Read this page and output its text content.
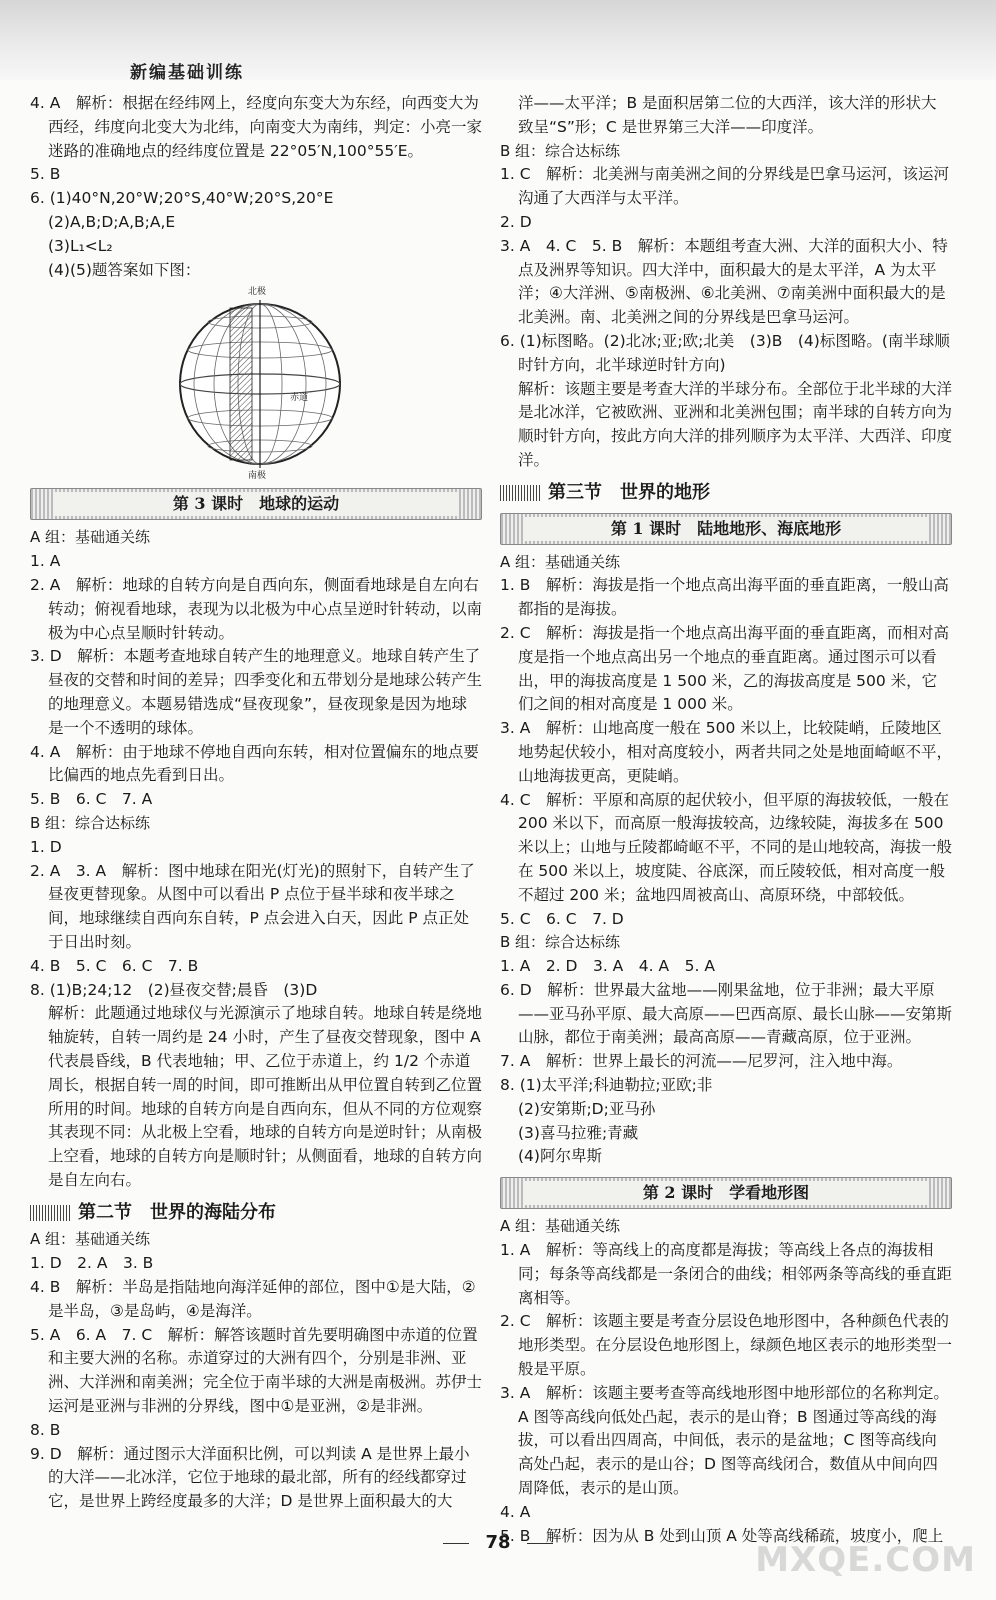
新编基础训练

4. A　解析：根据在经纬网上，经度向东变大为东经，向西变大为西经，纬度向北变大为北纬，向南变大为南纬，判定：小亮一家迷路的准确地点的经纬度位置是 22°05′N,100°55′E。

5. B

6. (1)40°N,20°W;20°S,40°W;20°S,20°E

(2)A,B;D;A,B;A,E

(3)L₁<L₂

(4)(5)题答案如下图：

北极
赤道
南极
第 3 课时　地球的运动

A 组：基础通关练

1. A

2. A　解析：地球的自转方向是自西向东，侧面看地球是自左向右转动；俯视看地球，表现为以北极为中心点呈逆时针转动，以南极为中心点呈顺时针转动。

3. D　解析：本题考查地球自转产生的地理意义。地球自转产生了昼夜的交替和时间的差异；四季变化和五带划分是地球公转产生的地理意义。本题易错选成“昼夜现象”，昼夜现象是因为地球是一个不透明的球体。

4. A　解析：由于地球不停地自西向东转，相对位置偏东的地点要比偏西的地点先看到日出。

5. B　6. C　7. A

B 组：综合达标练

1. D

2. A　3. A　解析：图中地球在阳光(灯光)的照射下，自转产生了昼夜更替现象。从图中可以看出 P 点位于昼半球和夜半球之间，地球继续自西向东自转，P 点会进入白天，因此 P 点正处于日出时刻。

4. B　5. C　6. C　7. B

8. (1)B;24;12　(2)昼夜交替;晨昏　(3)D

解析：此题通过地球仪与光源演示了地球自转。地球自转是绕地轴旋转，自转一周约是 24 小时，产生了昼夜交替现象，图中 A 代表晨昏线，B 代表地轴；甲、乙位于赤道上，约 1/2 个赤道周长，根据自转一周的时间，即可推断出从甲位置自转到乙位置所用的时间。地球的自转方向是自西向东，但从不同的方位观察其表现不同：从北极上空看，地球的自转方向是逆时针；从南极上空看，地球的自转方向是顺时针；从侧面看，地球的自转方向是自左向右。

第二节　世界的海陆分布

A 组：基础通关练

1. D　2. A　3. B

4. B　解析：半岛是指陆地向海洋延伸的部位，图中①是大陆，②是半岛，③是岛屿，④是海洋。

5. A　6. A　7. C　解析：解答该题时首先要明确图中赤道的位置和主要大洲的名称。赤道穿过的大洲有四个，分别是非洲、亚洲、大洋洲和南美洲；完全位于南半球的大洲是南极洲。苏伊士运河是亚洲与非洲的分界线，图中①是亚洲，②是非洲。

8. B

9. D　解析：通过图示大洋面积比例，可以判读 A 是世界上最小的大洋——北冰洋，它位于地球的最北部，所有的经线都穿过它，是世界上跨经度最多的大洋；D 是世界上面积最大的大

洋——太平洋；B 是面积居第二位的大西洋，该大洋的形状大致呈“S”形；C 是世界第三大洋——印度洋。

B 组：综合达标练

1. C　解析：北美洲与南美洲之间的分界线是巴拿马运河，该运河沟通了大西洋与太平洋。

2. D

3. A　4. C　5. B　解析：本题组考查大洲、大洋的面积大小、特点及洲界等知识。四大洋中，面积最大的是太平洋，A 为太平洋；④大洋洲、⑤南极洲、⑥北美洲、⑦南美洲中面积最大的是北美洲。南、北美洲之间的分界线是巴拿马运河。

6. (1)标图略。(2)北冰;亚;欧;北美　(3)B　(4)标图略。(南半球顺时针方向，北半球逆时针方向)

解析：该题主要是考查大洋的半球分布。全部位于北半球的大洋是北冰洋，它被欧洲、亚洲和北美洲包围；南半球的自转方向为顺时针方向，按此方向大洋的排列顺序为太平洋、大西洋、印度洋。

第三节　世界的地形
第 1 课时　陆地地形、海底地形

A 组：基础通关练

1. B　解析：海拔是指一个地点高出海平面的垂直距离，一般山高都指的是海拔。

2. C　解析：海拔是指一个地点高出海平面的垂直距离，而相对高度是指一个地点高出另一个地点的垂直距离。通过图示可以看出，甲的海拔高度是 1 500 米，乙的海拔高度是 500 米，它们之间的相对高度是 1 000 米。

3. A　解析：山地高度一般在 500 米以上，比较陡峭，丘陵地区地势起伏较小，相对高度较小，两者共同之处是地面崎岖不平，山地海拔更高，更陡峭。

4. C　解析：平原和高原的起伏较小，但平原的海拔较低，一般在 200 米以下，而高原一般海拔较高，边缘较陡，海拔多在 500 米以上；山地与丘陵都崎岖不平，不同的是山地较高，海拔一般在 500 米以上，坡度陡、谷底深，而丘陵较低，相对高度一般不超过 200 米；盆地四周被高山、高原环绕，中部较低。

5. C　6. C　7. D

B 组：综合达标练

1. A　2. D　3. A　4. A　5. A

6. D　解析：世界最大盆地——刚果盆地，位于非洲；最大平原——亚马孙平原、最大高原——巴西高原、最长山脉——安第斯山脉，都位于南美洲；最高高原——青藏高原，位于亚洲。

7. A　解析：世界上最长的河流——尼罗河，注入地中海。

8. (1)太平洋;科迪勒拉;亚欧;非

(2)安第斯;D;亚马孙

(3)喜马拉雅;青藏

(4)阿尔卑斯

第 2 课时　学看地形图

A 组：基础通关练

1. A　解析：等高线上的高度都是海拔；等高线上各点的海拔相同；每条等高线都是一条闭合的曲线；相邻两条等高线的垂直距离相等。

2. C　解析：该题主要是考查分层设色地形图中，各种颜色代表的地形类型。在分层设色地形图上，绿颜色地区表示的地形类型一般是平原。

3. A　解析：该题主要考查等高线地形图中地形部位的名称判定。A 图等高线向低处凸起，表示的是山脊；B 图通过等高线的海拔，可以看出四周高，中间低，表示的是盆地；C 图等高线向高处凸起，表示的是山谷；D 图等高线闭合，数值从中间向四周降低，表示的是山顶。

4. A

5. B　解析：因为从 B 处到山顶 A 处等高线稀疏，坡度小，爬上

78	MXQE.COM
